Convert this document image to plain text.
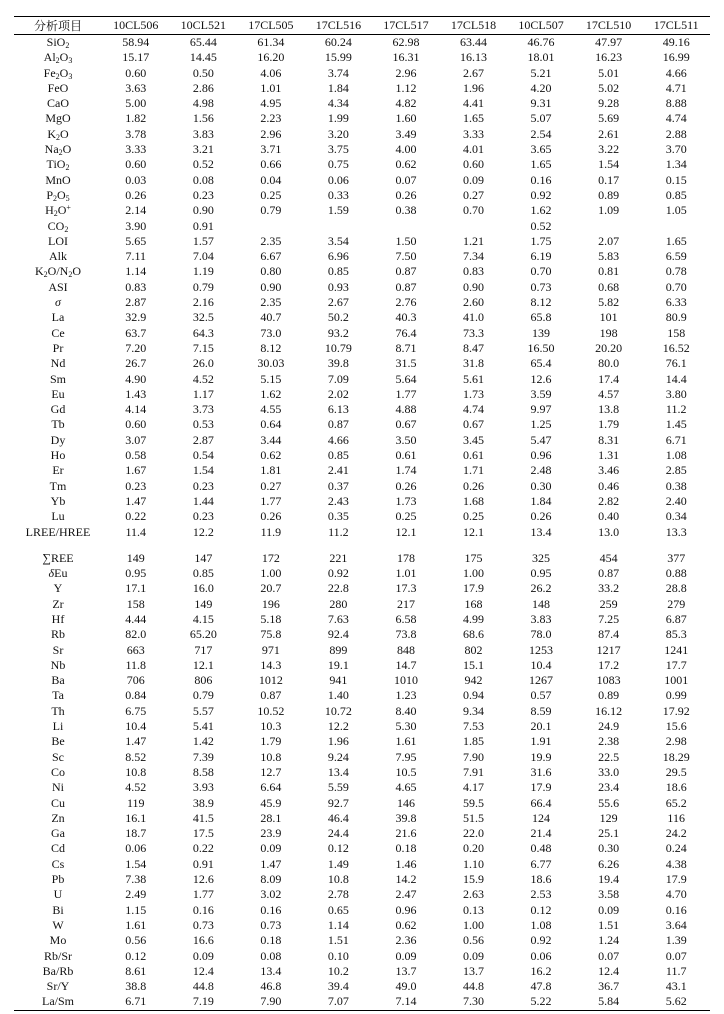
分析项目	10CL506	10CL521	17CL505	17CL516	17CL517	17CL518	10CL507	17CL510	17CL511
SiO$_2$	58.94	65.44	61.34	60.24	62.98	63.44	46.76	47.97	49.16
$Al_2O_3$	15.17	14.45	16.20	15.99	16.31	16.13	18.01	16.23	16.99
$Fe_2O_3$	0.60	0.50	4.06	3.74	2.96	2.67	5.21	5.01	4.66
FeO	3.63	2.86	1.01	1.84	1.12	1.96	4.20	5.02	4.71
CaO	5.00	4.98	4.95	4.34	4.82	4.41	9.31	9.28	8.88
MgO	1.82	1.56	2.23	1.99	1.60	1.65	5.07	5.69	4.74
$K_2O$	3.78	3.83	2.96	3.20	3.49	3.33	2.54	2.61	2.88
$Na_2O$	3.33	3.21	3.71	3.75	4.00	4.01	3.65	3.22	3.70
TiO$_2$	0.60	0.52	0.66	0.75	0.62	0.60	1.65	1.54	1.34
MnO	0.03	0.08	0.04	0.06	0.07	0.09	0.16	0.17	0.15
$P_2O_5$	0.26	0.23	0.25	0.33	0.26	0.27	0.92	0.89	0.85
$H_2O^+$	2.14	0.90	0.79	1.59	0.38	0.70	1.62	1.09	1.05
$CO_2$	3.90	0.91					0.52		
LOI	5.65	1.57	2.35	3.54	1.50	1.21	1.75	2.07	1.65
Alk	7.11	7.04	6.67	6.96	7.50	7.34	6.19	5.83	6.59
$K_2O/N_2O$	1.14	1.19	0.80	0.85	0.87	0.83	0.70	0.81	0.78
ASI	0.83	0.79	0.90	0.93	0.87	0.90	0.73	0.68	0.70
σ	2.87	2.16	2.35	2.67	2.76	2.60	8.12	5.82	6.33
La	32.9	32.5	40.7	50.2	40.3	41.0	65.8	101	80.9
Ce	63.7	64.3	73.0	93.2	76.4	73.3	139	198	158
Pr	7.20	7.15	8.12	10.79	8.71	8.47	16.50	20.20	16.52
Nd	26.7	26.0	30.03	39.8	31.5	31.8	65.4	80.0	76.1
Sm	4.90	4.52	5.15	7.09	5.64	5.61	12.6	17.4	14.4
Eu	1.43	1.17	1.62	2.02	1.77	1.73	3.59	4.57	3.80
Gd	4.14	3.73	4.55	6.13	4.88	4.74	9.97	13.8	11.2
Tb	0.60	0.53	0.64	0.87	0.67	0.67	1.25	1.79	1.45
Dy	3.07	2.87	3.44	4.66	3.50	3.45	5.47	8.31	6.71
Ho	0.58	0.54	0.62	0.85	0.61	0.61	0.96	1.31	1.08
Er	1.67	1.54	1.81	2.41	1.74	1.71	2.48	3.46	2.85
Tm	0.23	0.23	0.27	0.37	0.26	0.26	0.30	0.46	0.38
Yb	1.47	1.44	1.77	2.43	1.73	1.68	1.84	2.82	2.40
Lu	0.22	0.23	0.26	0.35	0.25	0.25	0.26	0.40	0.34
LREE/HREE	11.4	12.2	11.9	11.2	12.1	12.1	13.4	13.0	13.3

∑REE	149	147	172	221	178	175	325	454	377
δEu	0.95	0.85	1.00	0.92	1.01	1.00	0.95	0.87	0.88
Y	17.1	16.0	20.7	22.8	17.3	17.9	26.2	33.2	28.8
Zr	158	149	196	280	217	168	148	259	279
Hf	4.44	4.15	5.18	7.63	6.58	4.99	3.83	7.25	6.87
Rb	82.0	65.20	75.8	92.4	73.8	68.6	78.0	87.4	85.3
Sr	663	717	971	899	848	802	1253	1217	1241
Nb	11.8	12.1	14.3	19.1	14.7	15.1	10.4	17.2	17.7
Ba	706	806	1012	941	1010	942	1267	1083	1001
Ta	0.84	0.79	0.87	1.40	1.23	0.94	0.57	0.89	0.99
Th	6.75	5.57	10.52	10.72	8.40	9.34	8.59	16.12	17.92
Li	10.4	5.41	10.3	12.2	5.30	7.53	20.1	24.9	15.6
Be	1.47	1.42	1.79	1.96	1.61	1.85	1.91	2.38	2.98
Sc	8.52	7.39	10.8	9.24	7.95	7.90	19.9	22.5	18.29
Co	10.8	8.58	12.7	13.4	10.5	7.91	31.6	33.0	29.5
Ni	4.52	3.93	6.64	5.59	4.65	4.17	17.9	23.4	18.6
Cu	119	38.9	45.9	92.7	146	59.5	66.4	55.6	65.2
Zn	16.1	41.5	28.1	46.4	39.8	51.5	124	129	116
Ga	18.7	17.5	23.9	24.4	21.6	22.0	21.4	25.1	24.2
Cd	0.06	0.22	0.09	0.12	0.18	0.20	0.48	0.30	0.24
Cs	1.54	0.91	1.47	1.49	1.46	1.10	6.77	6.26	4.38
Pb	7.38	12.6	8.09	10.8	14.2	15.9	18.6	19.4	17.9
U	2.49	1.77	3.02	2.78	2.47	2.63	2.53	3.58	4.70
Bi	1.15	0.16	0.16	0.65	0.96	0.13	0.12	0.09	0.16
W	1.61	0.73	0.73	1.14	0.62	1.00	1.08	1.51	3.64
Mo	0.56	16.6	0.18	1.51	2.36	0.56	0.92	1.24	1.39
Rb/Sr	0.12	0.09	0.08	0.10	0.09	0.09	0.06	0.07	0.07
Ba/Rb	8.61	12.4	13.4	10.2	13.7	13.7	16.2	12.4	11.7
Sr/Y	38.8	44.8	46.8	39.4	49.0	44.8	47.8	36.7	43.1
La/Sm	6.71	7.19	7.90	7.07	7.14	7.30	5.22	5.84	5.62
